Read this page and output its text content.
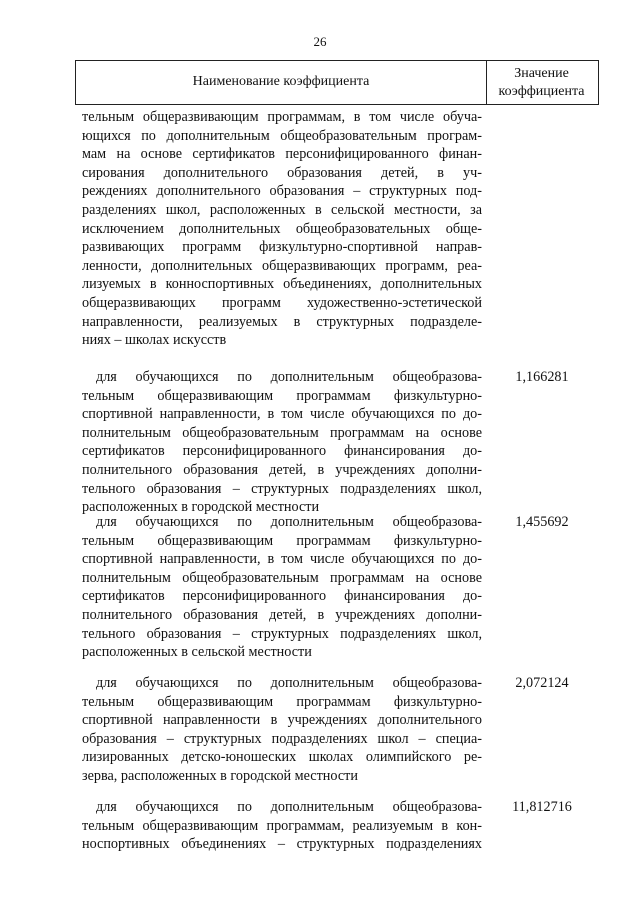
26
Наименование коэффициента
Значение
коэффициента
тельным общеразвивающим программам, в том числе обуча-
ющихся по дополнительным общеобразовательным програм-
мам на основе сертификатов персонифицированного финан-
сирования дополнительного образования детей, в уч-
реждениях дополнительного образования – структурных под-
разделениях школ, расположенных в сельской местности, за
исключением дополнительных общеобразовательных обще-
развивающих программ физкультурно-спортивной направ-
ленности, дополнительных общеразвивающих программ, реа-
лизуемых в конноспортивных объединениях, дополнительных
общеразвивающих программ художественно-эстетической
направленности, реализуемых в структурных подразделе-
ниях – школах искусств
для обучающихся по дополнительным общеобразова-
тельным общеразвивающим программам физкультурно-
спортивной направленности, в том числе обучающихся по до-
полнительным общеобразовательным программам на основе
сертификатов персонифицированного финансирования до-
полнительного образования детей, в учреждениях дополни-
тельного образования – структурных подразделениях школ,
расположенных в городской местности
1,166281
для обучающихся по дополнительным общеобразова-
тельным общеразвивающим программам физкультурно-
спортивной направленности, в том числе обучающихся по до-
полнительным общеобразовательным программам на основе
сертификатов персонифицированного финансирования до-
полнительного образования детей, в учреждениях дополни-
тельного образования – структурных подразделениях школ,
расположенных в сельской местности
1,455692
для обучающихся по дополнительным общеобразова-
тельным общеразвивающим программам физкультурно-
спортивной направленности в учреждениях дополнительного
образования – структурных подразделениях школ – специа-
лизированных детско-юношеских школах олимпийского ре-
зерва, расположенных в городской местности
2,072124
для обучающихся по дополнительным общеобразова-
тельным общеразвивающим программам, реализуемым в кон-
носпортивных объединениях – структурных подразделениях
11,812716
